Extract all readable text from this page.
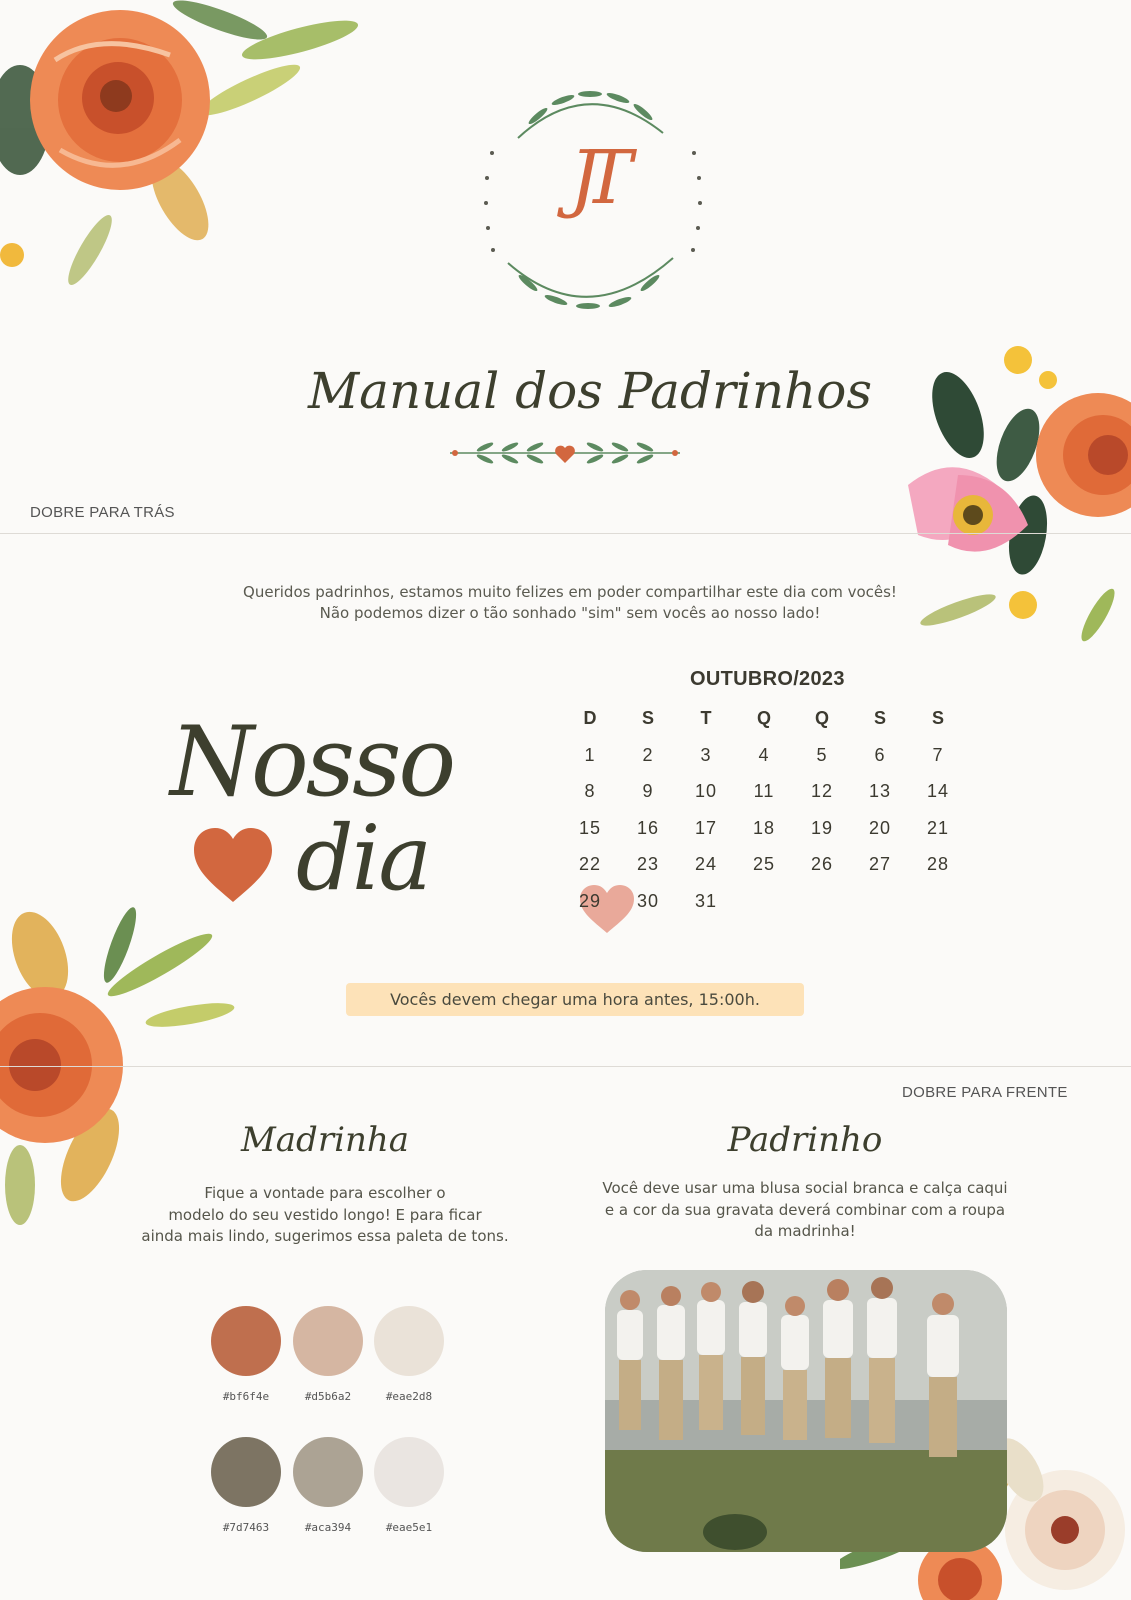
JT
Manual dos Padrinhos
DOBRE PARA TRÁS
Queridos padrinhos, estamos muito felizes em poder compartilhar este dia com vocês!
Não podemos dizer o tão sonhado "sim" sem vocês ao nosso lado!
Nosso
dia
OUTUBRO/2023
D	S	T	Q	Q	S	S
1	2	3	4	5	6	7
8	9	10	11	12	13	14
15	16	17	18	19	20	21
22	23	24	25	26	27	28
29	30	31
Vocês devem chegar uma hora antes, 15:00h.
DOBRE PARA FRENTE
Madrinha
Fique a vontade para escolher o
modelo do seu vestido longo! E para ficar
ainda mais lindo, sugerimos essa paleta de tons.
#bf6f4e	#d5b6a2	#eae2d8
#7d7463	#aca394	#eae5e1
Padrinho
Você deve usar uma blusa social branca e calça caqui
e a cor da sua gravata deverá combinar com a roupa
da madrinha!
